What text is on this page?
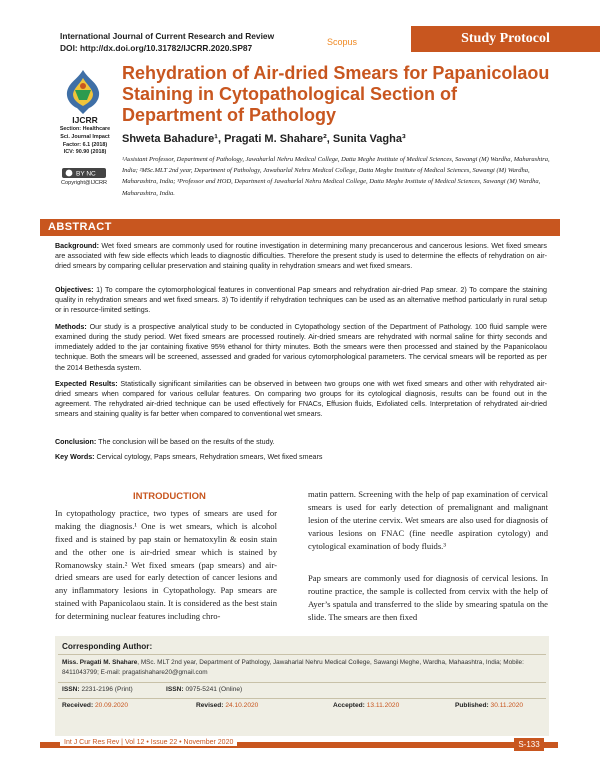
International Journal of Current Research and Review
DOI: http://dx.doi.org/10.31782/IJCRR.2020.SP87
Scopus	Study Protocol
IJCRR
Section: Healthcare
Sci. Journal Impact
Factor: 6.1 (2018)
ICV: 90.90 (2018)
BY NC
Copyright@IJCRR
Rehydration of Air-dried Smears for Papanicolaou Staining in Cytopathological Section of Department of Pathology
Shweta Bahadure¹, Pragati M. Shahare², Sunita Vagha³
¹Assistant Professor, Department of Pathology, Jawaharlal Nehru Medical College, Datta Meghe Institute of Medical Sciences, Sawangi (M) Wardha, Maharashtra, India; ²MSc.MLT 2nd year, Department of Pathology, Jawaharlal Nehru Medical College, Datta Meghe Institute of Medical Sciences, Sawangi (M) Wardha, Maharashtra, India; ³Professor and HOD, Department of Jawaharlal Nehru Medical College, Datta Meghe Institute of Medical Sciences, Sawangi (M) Wardha, Maharashtra, India.
ABSTRACT
Background: Wet fixed smears are commonly used for routine investigation in determining many precancerous and cancerous lesions. Wet fixed smears are associated with few side effects which leads to diagnostic difficulties. Therefore the present study is used to determine the effects of rehydration on air-dried smears by comparing cellular preservation and staining quality in rehydration smears and wet fixed smears.
Objectives: 1) To compare the cytomorphological features in conventional Pap smears and rehydration air-dried Pap smear. 2) To compare the staining quality in rehydration smears and wet fixed smears. 3) To identify if rehydration techniques can be used as an alternative method particularly in rural setup or in resource-limited settings.
Methods: Our study is a prospective analytical study to be conducted in Cytopathology section of the Department of Pathology. 100 fluid sample were examined during the study period. Wet fixed smears are processed routinely. Air-dried smears are rehydrated with normal saline for thirty seconds and immediately added to the jar containing fixative 95% ethanol for thirty minutes. Both the smears were then processed and stained by the Papanicolaou technique. Both the smears will be screened, assessed and graded for various cytomorphological parameters. The cervical smears will be reported as per the 2014 Bethesda system.
Expected Results: Statistically significant similarities can be observed in between two groups one with wet fixed smears and other with rehydrated air-dried smears when compared for various cellular features. On comparing two groups for its cytological diagnosis, results can be found out in the agreement. The rehydrated air-dried technique can be used effectively for FNACs, Effusion fluids, Exfoliated cells. Interpretation of rehydrated air-dried smears and staining quality is far better when compared to conventional wet smears.
Conclusion: The conclusion will be based on the results of the study.
Key Words: Cervical cytology, Paps smears, Rehydration smears, Wet fixed smears
INTRODUCTION
In cytopathology practice, two types of smears are used for making the diagnosis.¹ One is wet smears, which is alcohol fixed and is stained by pap stain or hematoxylin & eosin stain and the other one is air-dried smear which is stained by Romanowsky stain.² Wet fixed smears (pap smears) and air-dried smears are used for early detection of cancer lesions and any inflammatory lesions in Cytopathology. Pap smears are stained with Papanicolaou stain. It is considered as the best stain for determining nuclear features including chro-
matin pattern. Screening with the help of pap examination of cervical smears is used for early detection of premalignant and malignant lesion of the uterine cervix. Wet smears are also used for diagnosis of various lesions on FNAC (fine needle aspiration cytology) and cytological examination of body fluids.³
Pap smears are commonly used for diagnosis of cervical lesions. In routine practice, the sample is collected from cervix with the help of Ayer’s spatula and transferred to the slide by smearing spatula on the slide. The smears are then fixed
Corresponding Author:
Miss. Pragati M. Shahare, MSc. MLT 2nd year, Department of Pathology, Jawaharlal Nehru Medical College, Sawangi Meghe, Wardha, Mahaashtra, India; Mobile: 8411043799; E-mail: pragatishahare20@gmail.com
ISSN: 2231-2196 (Print)	ISSN: 0975-5241 (Online)
Received: 20.09.2020	Revised: 24.10.2020	Accepted: 13.11.2020	Published: 30.11.2020
Int J Cur Res Rev | Vol 12 • Issue 22 • November 2020	S-133
